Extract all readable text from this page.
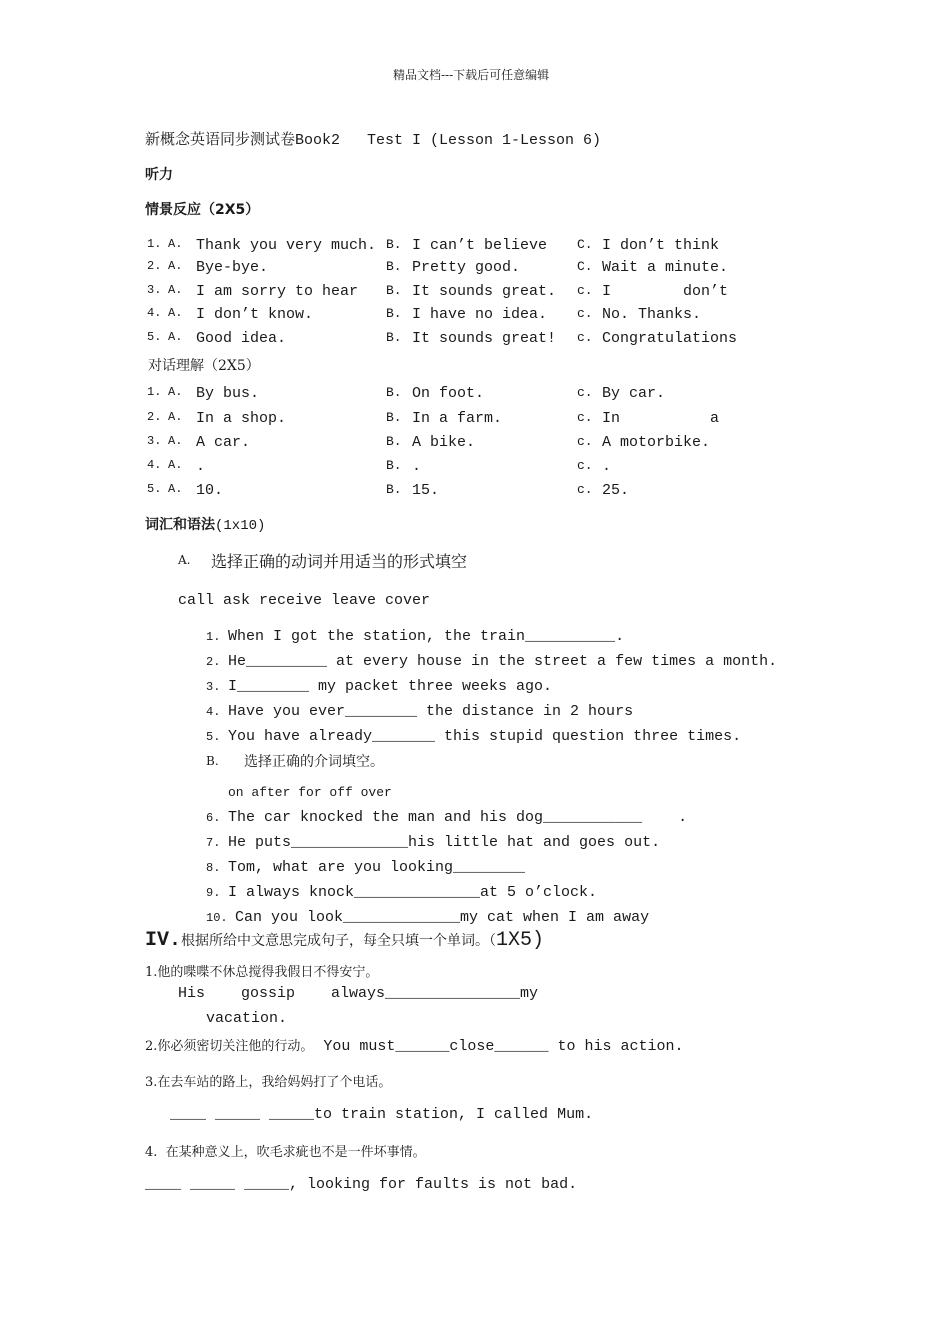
精品文档---下载后可任意编辑
新概念英语同步测试卷Book2   Test I (Lesson 1-Lesson 6)
听力
情景反应（2X5）
1. A. Thank you very much. B. I can’t believe C. I don’t think
2. A. Bye-bye.	B. Pretty good.	C. Wait a minute.
3. A. I am sorry to hear B. It sounds great. c. I        don’t
4. A. I don’t know.	B. I have no idea. c. No. Thanks.
5. A. Good idea.	B. It sounds great! c. Congratulations
对话理解（2X5）
1. A. By bus.	B. On foot.	c. By car.
2. A. In a shop.	B. In a farm.	c. In          a
3. A. A car.	B. A bike.	c. A motorbike.
4. A. .	B. .	c. .
5. A. 10.	B. 15.	c. 25.
词汇和语法(1x10)
A. 选择正确的动词并用适当的形式填空
call ask receive leave cover
1. When I got the station, the train__________.
2. He_________ at every house in the street a few times a month.
3. I________ my packet three weeks ago.
4. Have you ever________ the distance in 2 hours
5. You have already_______ this stupid question three times.
B. 选择正确的介词填空。
on after for off over
6. The car knocked the man and his dog___________    .
7. He puts_____________his little hat and goes out.
8. Tom, what are you looking________
9. I always knock______________at 5 o’clock.
10. Can you look_____________my cat when I am away
IV.根据所给中文意思完成句子，每全只填一个单词。（1X5)
1.他的喋喋不休总搅得我假日不得安宁。
His    gossip    always_______________my
vacation.
2.你必须密切关注他的行动。 You must______close______ to his action.
3.在去车站的路上，我给妈妈打了个电话。
____ _____ _____to train station, I called Mum.
4.  在某种意义上，吹毛求疵也不是一件坏事情。
____ _____ _____, looking for faults is not bad.
